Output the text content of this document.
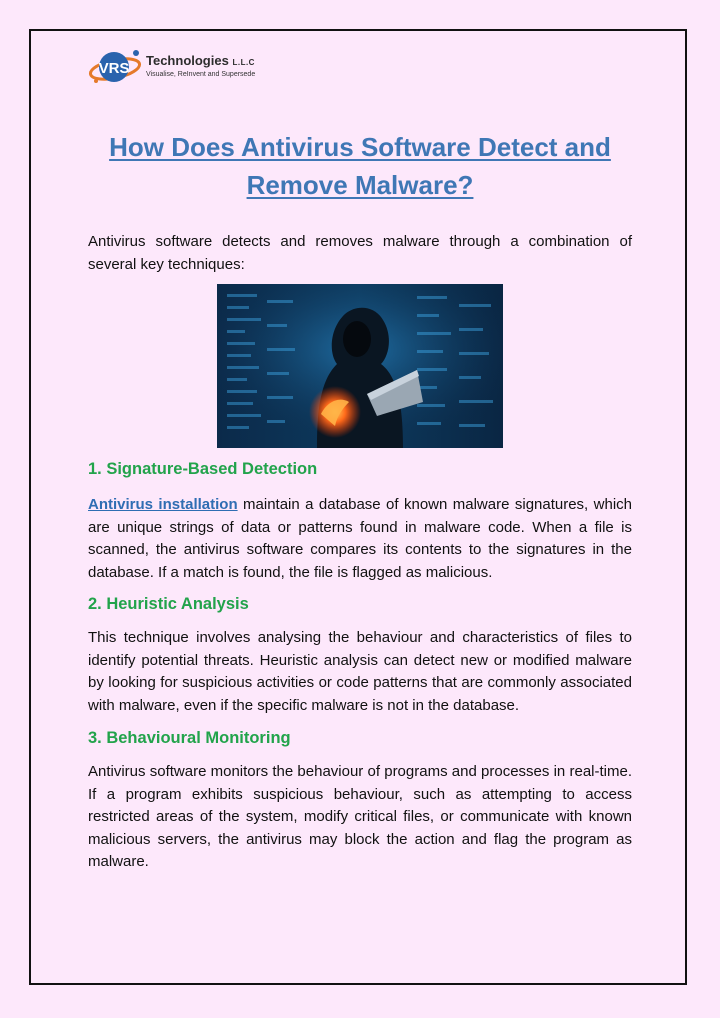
VRS Technologies L.L.C
Visualise, ReInvent and Supersede
How Does Antivirus Software Detect and Remove Malware?

Antivirus software detects and removes malware through a combination of several key techniques:

1. Signature-Based Detection

Antivirus installation maintain a database of known malware signatures, which are unique strings of data or patterns found in malware code. When a file is scanned, the antivirus software compares its contents to the signatures in the database. If a match is found, the file is flagged as malicious.

2. Heuristic Analysis

This technique involves analysing the behaviour and characteristics of files to identify potential threats. Heuristic analysis can detect new or modified malware by looking for suspicious activities or code patterns that are commonly associated with malware, even if the specific malware is not in the database.

3. Behavioural Monitoring

Antivirus software monitors the behaviour of programs and processes in real-time. If a program exhibits suspicious behaviour, such as attempting to access restricted areas of the system, modify critical files, or communicate with known malicious servers, the antivirus may block the action and flag the program as malware.
